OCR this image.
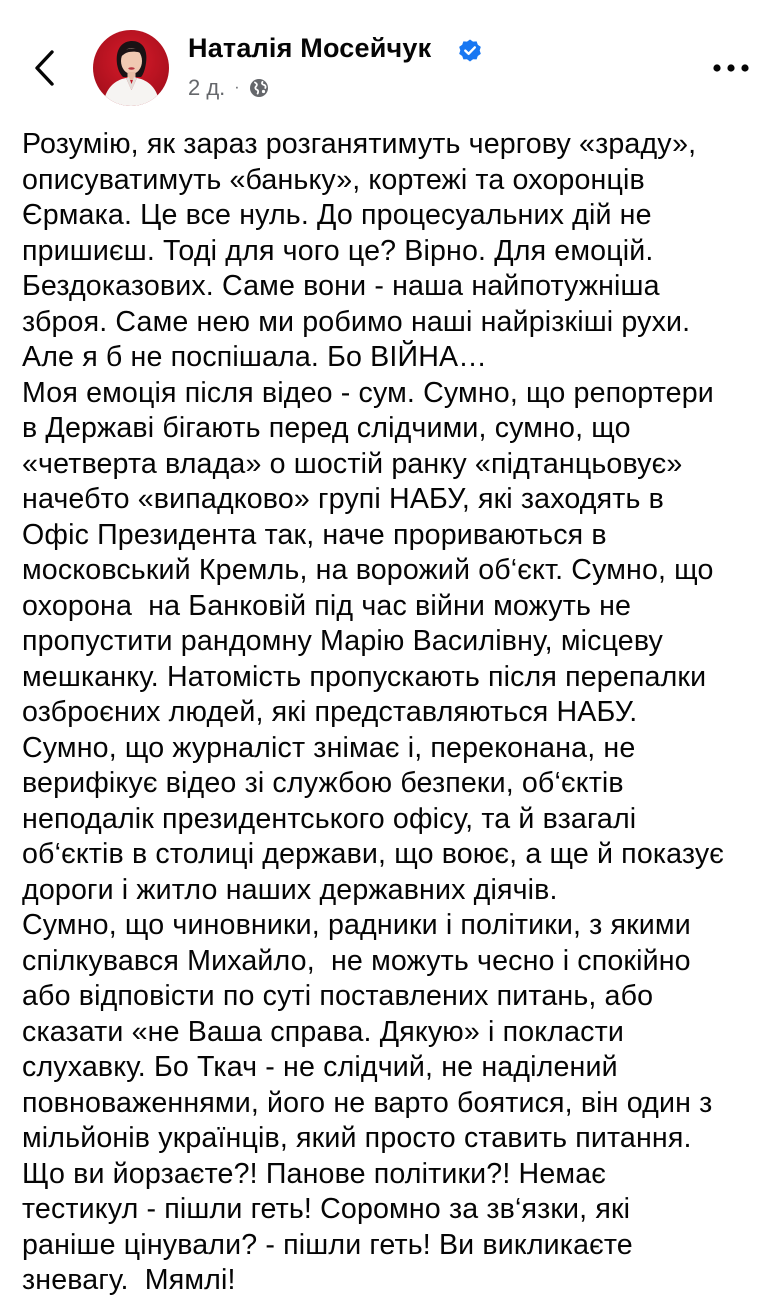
Наталія Мосейчук
2 д. ·
Розумію, як зараз розганятимуть чергову «зраду»,
описуватимуть «баньку», кортежі та охоронців
Єрмака. Це все нуль. До процесуальних дій не
пришиєш. Тоді для чого це? Вірно. Для емоцій.
Бездоказових. Саме вони - наша найпотужніша
зброя. Саме нею ми робимо наші найрізкіші рухи.
Але я б не поспішала. Бо ВІЙНА…
Моя емоція після відео - сум. Сумно, що репортери
в Державі бігають перед слідчими, сумно, що
«четверта влада» о шостій ранку «підтанцьовує»
начебто «випадково» групі НАБУ, які заходять в
Офіс Президента так, наче прориваються в
московський Кремль, на ворожий об‘єкт. Сумно, що
охорона  на Банковій під час війни можуть не
пропустити рандомну Марію Василівну, місцеву
мешканку. Натомість пропускають після перепалки
озброєних людей, які представляються НАБУ.
Сумно, що журналіст знімає і, переконана, не
верифікує відео зі службою безпеки, об‘єктів
неподалік президентського офісу, та й взагалі
об‘єктів в столиці держави, що воює, а ще й показує
дороги і житло наших державних діячів.
Сумно, що чиновники, радники і політики, з якими
спілкувався Михайло,  не можуть чесно і спокійно
або відповісти по суті поставлених питань, або
сказати «не Ваша справа. Дякую» і покласти
слухавку. Бо Ткач - не слідчий, не наділений
повноваженнями, його не варто боятися, він один з
мільйонів українців, який просто ставить питання.
Що ви йорзаєте?! Панове політики?! Немає
тестикул - пішли геть! Соромно за зв‘язки, які
раніше цінували? - пішли геть! Ви викликаєте
зневагу.  Мямлі!
